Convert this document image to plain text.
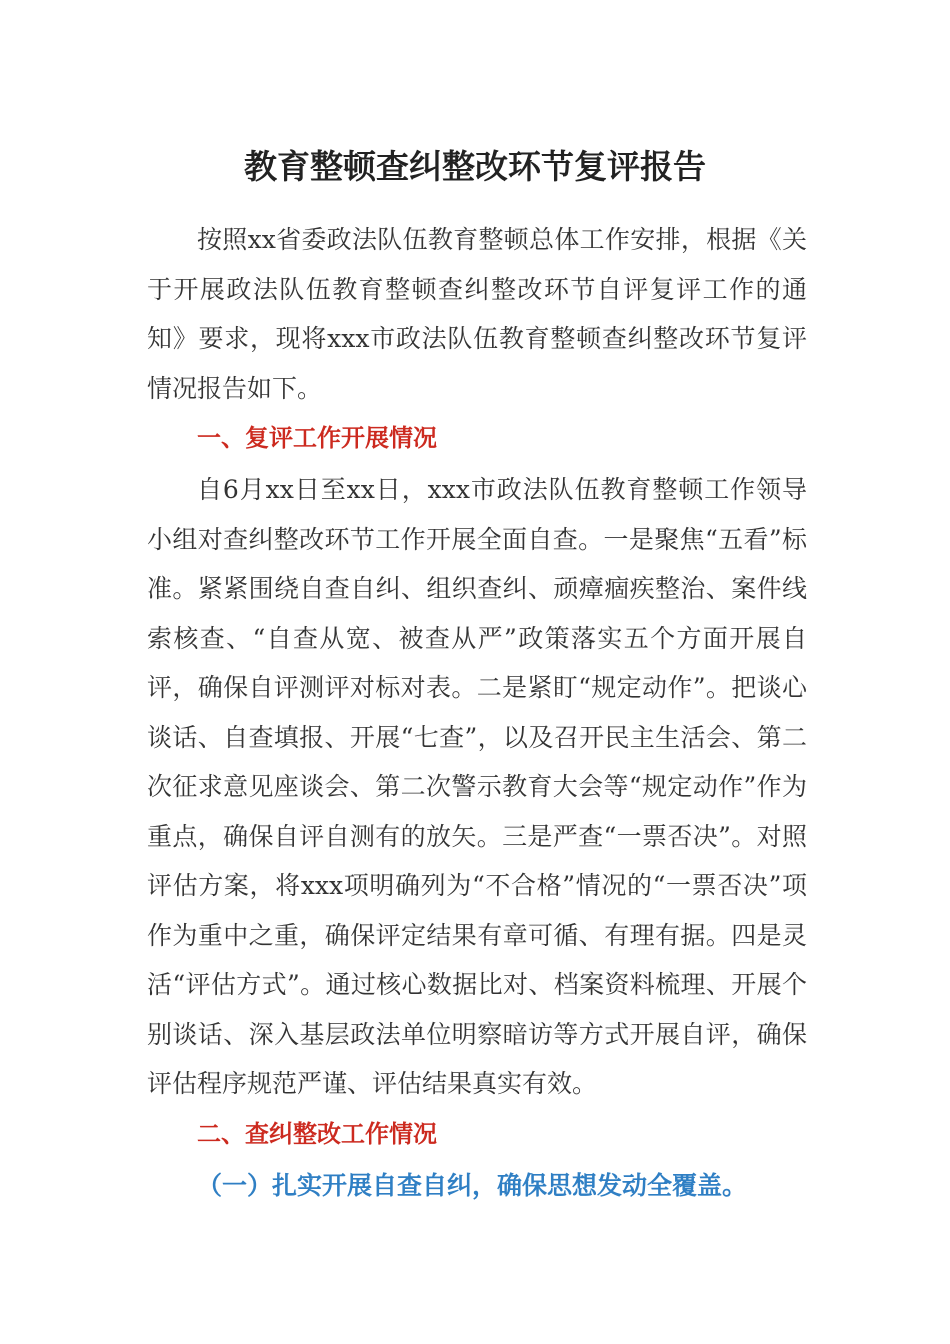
教育整顿查纠整改环节复评报告

按照xx省委政法队伍教育整顿总体工作安排，根据《关于开展政法队伍教育整顿查纠整改环节自评复评工作的通知》要求，现将xxx市政法队伍教育整顿查纠整改环节复评情况报告如下。

一、复评工作开展情况

自6月xx日至xx日，xxx市政法队伍教育整顿工作领导小组对查纠整改环节工作开展全面自查。一是聚焦“五看”标准。紧紧围绕自查自纠、组织查纠、顽瘴痼疾整治、案件线索核查、“自查从宽、被查从严”政策落实五个方面开展自评，确保自评测评对标对表。二是紧盯“规定动作”。把谈心谈话、自查填报、开展“七查”，以及召开民主生活会、第二次征求意见座谈会、第二次警示教育大会等“规定动作”作为重点，确保自评自测有的放矢。三是严查“一票否决”。对照评估方案，将xxx项明确列为“不合格”情况的“一票否决”项作为重中之重，确保评定结果有章可循、有理有据。四是灵活“评估方式”。通过核心数据比对、档案资料梳理、开展个别谈话、深入基层政法单位明察暗访等方式开展自评，确保评估程序规范严谨、评估结果真实有效。

二、查纠整改工作情况
（一）扎实开展自查自纠，确保思想发动全覆盖。
